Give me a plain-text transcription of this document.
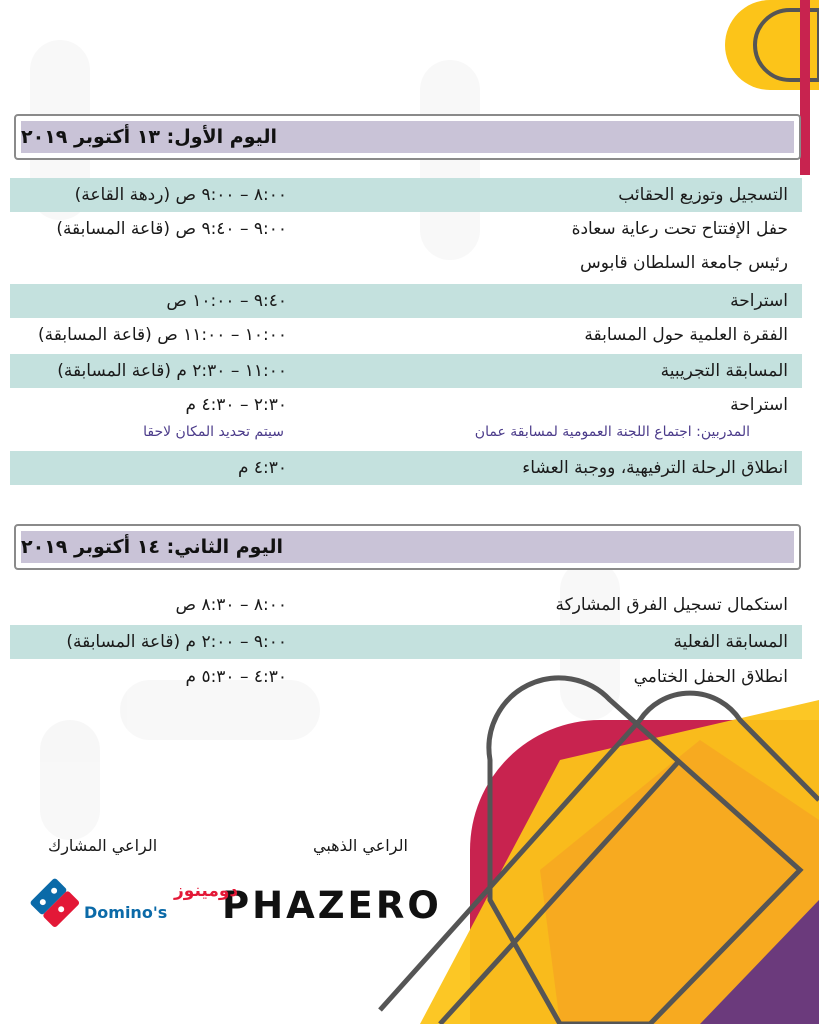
اليوم الأول: ١٣ أكتوبر ٢٠١٩
التسجيل وتوزيع الحقائب
٨:٠٠ – ٩:٠٠ ص (ردهة القاعة)
حفل الإفتتاح تحت رعاية سعادة
رئيس جامعة السلطان قابوس
٩:٠٠ – ٩:٤٠ ص (قاعة المسابقة)
استراحة
٩:٤٠ – ١٠:٠٠ ص
الفقرة العلمية حول المسابقة
١٠:٠٠ – ١١:٠٠ ص (قاعة المسابقة)
المسابقة التجريبية
١١:٠٠ – ٢:٣٠ م (قاعة المسابقة)
استراحة
٢:٣٠ – ٤:٣٠ م
المدربين: اجتماع اللجنة العمومية لمسابقة عمان
سيتم تحديد المكان لاحقا
انطلاق الرحلة الترفيهية، ووجبة العشاء
٤:٣٠ م
اليوم الثاني: ١٤ أكتوبر ٢٠١٩
استكمال تسجيل الفرق المشاركة
٨:٠٠ – ٨:٣٠ ص
المسابقة الفعلية
٩:٠٠ – ٢:٠٠ م (قاعة المسابقة)
انطلاق الحفل الختامي
٤:٣٠ – ٥:٣٠ م
الراعي الذهبي
الراعي المشارك
PHAZERO
دومينوز
Domino's
